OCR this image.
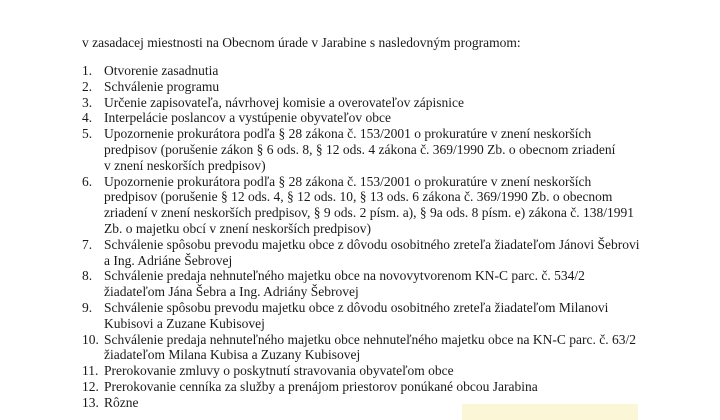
v zasadacej miestnosti na Obecnom úrade v Jarabine s nasledovným programom:
1. Otvorenie zasadnutia
2. Schválenie programu
3. Určenie zapisovateľa, návrhovej komisie a overovateľov zápisnice
4. Interpelácie poslancov a vystúpenie obyvateľov obce
5. Upozornenie prokurátora podľa § 28 zákona č. 153/2001 o prokuratúre v znení neskorších
predpisov (porušenie zákon § 6 ods. 8, § 12 ods. 4 zákona č. 369/1990 Zb. o obecnom zriadení
v znení neskorších predpisov)
6. Upozornenie prokurátora podľa § 28 zákona č. 153/2001 o prokuratúre v znení neskorších
predpisov (porušenie § 12 ods. 4, § 12 ods. 10, § 13 ods. 6 zákona č. 369/1990 Zb. o obecnom
zriadení v znení neskorších predpisov, § 9 ods. 2 písm. a), § 9a ods. 8 písm. e) zákona č. 138/1991
Zb. o majetku obcí v znení neskorších predpisov)
7. Schválenie spôsobu prevodu majetku obce z dôvodu osobitného zreteľa žiadateľom Jánovi Šebrovi
a Ing. Adriáne Šebrovej
8. Schválenie predaja nehnuteľného majetku obce na novovytvorenom KN-C parc. č. 534/2
žiadateľom Jána Šebra a Ing. Adriány Šebrovej
9. Schválenie spôsobu prevodu majetku obce z dôvodu osobitného zreteľa žiadateľom Milanovi
Kubisovi a Zuzane Kubisovej
10. Schválenie predaja nehnuteľného majetku obce nehnuteľného majetku obce na KN-C parc. č. 63/2
žiadateľom Milana Kubisa a Zuzany Kubisovej
11. Prerokovanie zmluvy o poskytnutí stravovania obyvateľom obce
12. Prerokovanie cenníka za služby a prenájom priestorov ponúkané obcou Jarabina
13. Rôzne
